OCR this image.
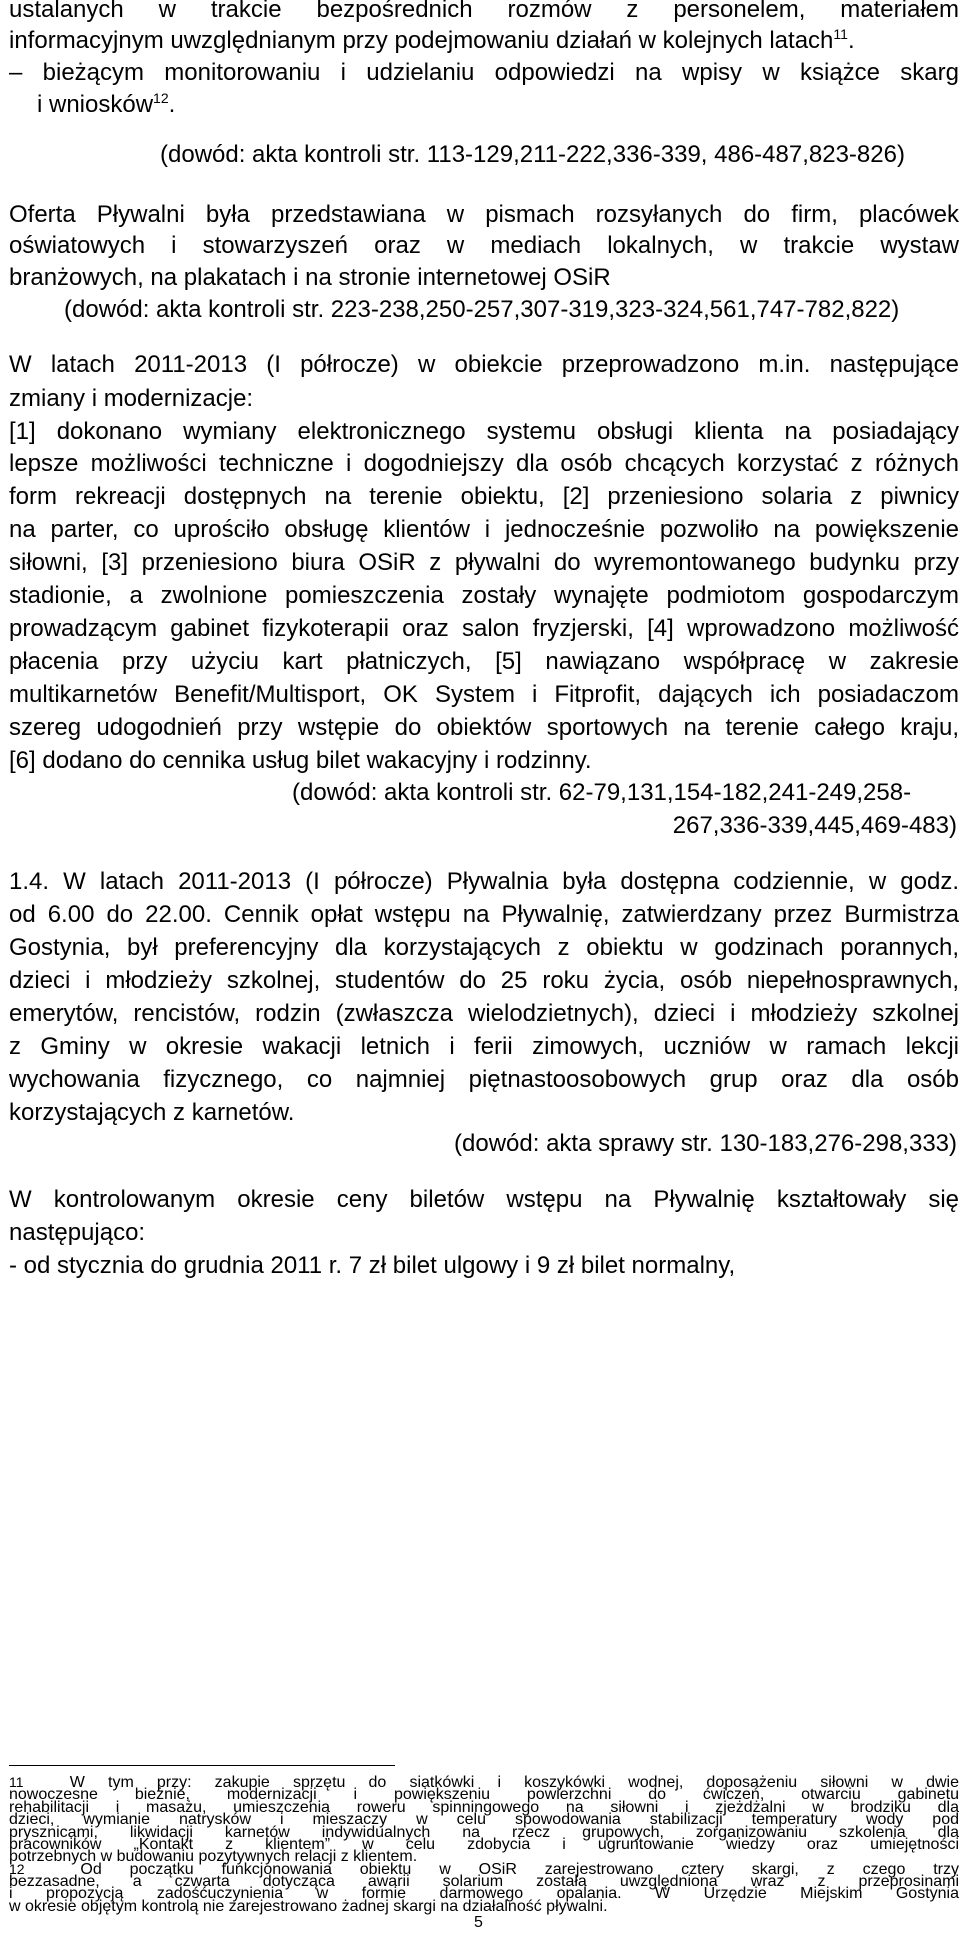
ustalanych w trakcie bezpośrednich rozmów z personelem, materiałem
informacyjnym uwzględnianym przy podejmowaniu działań w kolejnych latach$^{11}$.
– bieżącym monitorowaniu i udzielaniu odpowiedzi na wpisy w książce skarg
i wniosków$^{12}$.
(dowód: akta kontroli str. 113-129,211-222,336-339, 486-487,823-826)
Oferta Pływalni była przedstawiana w pismach rozsyłanych do firm, placówek
oświatowych i stowarzyszeń oraz w mediach lokalnych, w trakcie wystaw
branżowych, na plakatach i na stronie internetowej OSiR
(dowód: akta kontroli str. 223-238,250-257,307-319,323-324,561,747-782,822)
W latach 2011-2013 (I półrocze) w obiekcie przeprowadzono m.in. następujące
zmiany i modernizacje:
[1] dokonano wymiany elektronicznego systemu obsługi klienta na posiadający
lepsze możliwości techniczne i dogodniejszy dla osób chcących korzystać z różnych
form rekreacji dostępnych na terenie obiektu, [2] przeniesiono solaria z piwnicy
na parter, co uprościło obsługę klientów i jednocześnie pozwoliło na powiększenie
siłowni, [3] przeniesiono biura OSiR z pływalni do wyremontowanego budynku przy
stadionie, a zwolnione pomieszczenia zostały wynajęte podmiotom gospodarczym
prowadzącym gabinet fizykoterapii oraz salon fryzjerski, [4] wprowadzono możliwość
płacenia przy użyciu kart płatniczych, [5] nawiązano współpracę w zakresie
multikarnetów Benefit/Multisport, OK System i Fitprofit, dających ich posiadaczom
szereg udogodnień przy wstępie do obiektów sportowych na terenie całego kraju,
[6] dodano do cennika usług bilet wakacyjny i rodzinny.
(dowód: akta kontroli str. 62-79,131,154-182,241-249,258-
267,336-339,445,469-483)
1.4. W latach 2011-2013 (I półrocze) Pływalnia była dostępna codziennie, w godz.
od 6.00 do 22.00. Cennik opłat wstępu na Pływalnię, zatwierdzany przez Burmistrza
Gostynia, był preferencyjny dla korzystających z obiektu w godzinach porannych,
dzieci i młodzieży szkolnej, studentów do 25 roku życia, osób niepełnosprawnych,
emerytów, rencistów, rodzin (zwłaszcza wielodzietnych), dzieci i młodzieży szkolnej
z Gminy w okresie wakacji letnich i ferii zimowych, uczniów w ramach lekcji
wychowania fizycznego, co najmniej piętnastoosobowych grup oraz dla osób
korzystających z karnetów.
(dowód: akta sprawy str. 130-183,276-298,333)
W kontrolowanym okresie ceny biletów wstępu na Pływalnię kształtowały się
następująco:
- od stycznia do grudnia 2011 r. 7 zł bilet ulgowy i 9 zł bilet normalny,
11	W tym przy: zakupie sprzętu do siatkówki i koszykówki wodnej, doposażeniu siłowni w dwie
nowoczesne bieżnie, modernizacji i powiększeniu powierzchni do ćwiczeń, otwarciu gabinetu
rehabilitacji i masażu, umieszczenia roweru spinningowego na siłowni i zjeżdżalni w brodziku dla
dzieci, wymianie natrysków i mieszaczy w celu spowodowania stabilizacji temperatury wody pod
prysznicami, likwidacji karnetów indywidualnych na rzecz grupowych, zorganizowaniu szkolenia dla
pracowników „Kontakt z klientem” w celu zdobycia i ugruntowanie wiedzy oraz umiejętności
potrzebnych w budowaniu pozytywnych relacji z klientem.
12	Od początku funkcjonowania obiektu w OSiR zarejestrowano cztery skargi, z czego trzy
bezzasadne, a czwarta dotycząca awarii solarium została uwzględniona wraz z przeprosinami
i propozycją zadośćuczynienia w formie darmowego opalania. W Urzędzie Miejskim Gostynia
w okresie objętym kontrolą nie zarejestrowano żadnej skargi na działalność pływalni.
5
